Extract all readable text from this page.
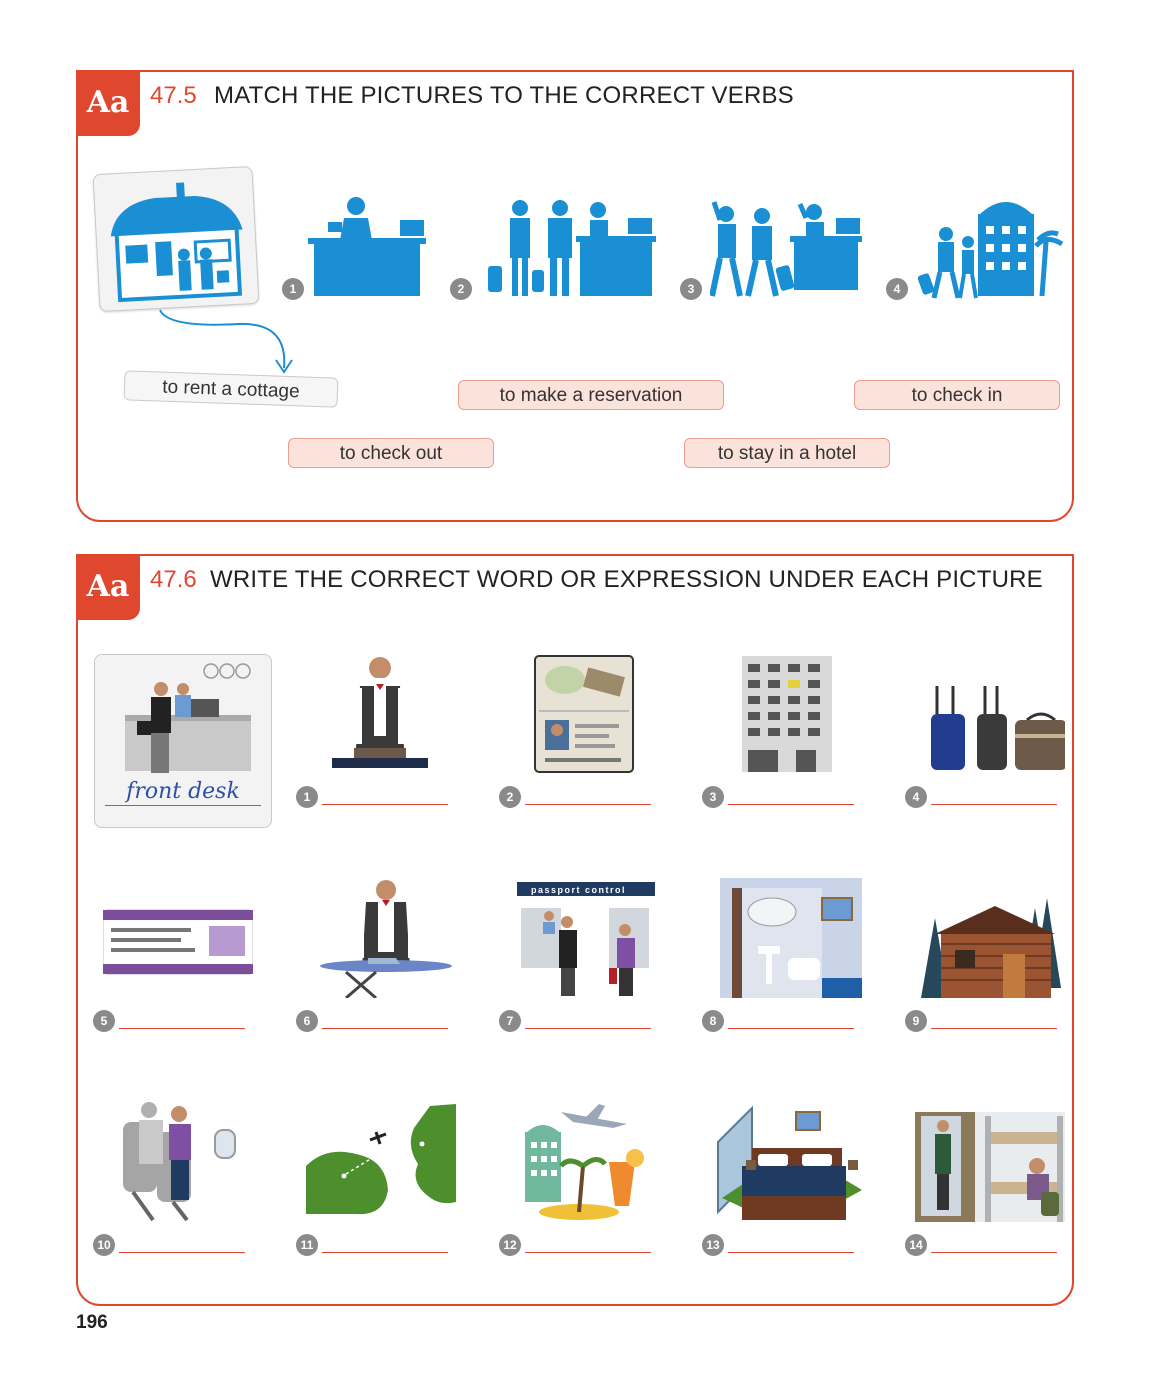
Aa 47.5 MATCH THE PICTURES TO THE CORRECT VERBS
1	2	3	4
to rent a cottage	to make a reservation	to check in
to check out	to stay in a hotel
Aa 47.6 WRITE THE CORRECT WORD OR EXPRESSION UNDER EACH PICTURE
front desk	1	2	3	4
5	6
passport control
7	8	9
10	11	12	13	14
196
